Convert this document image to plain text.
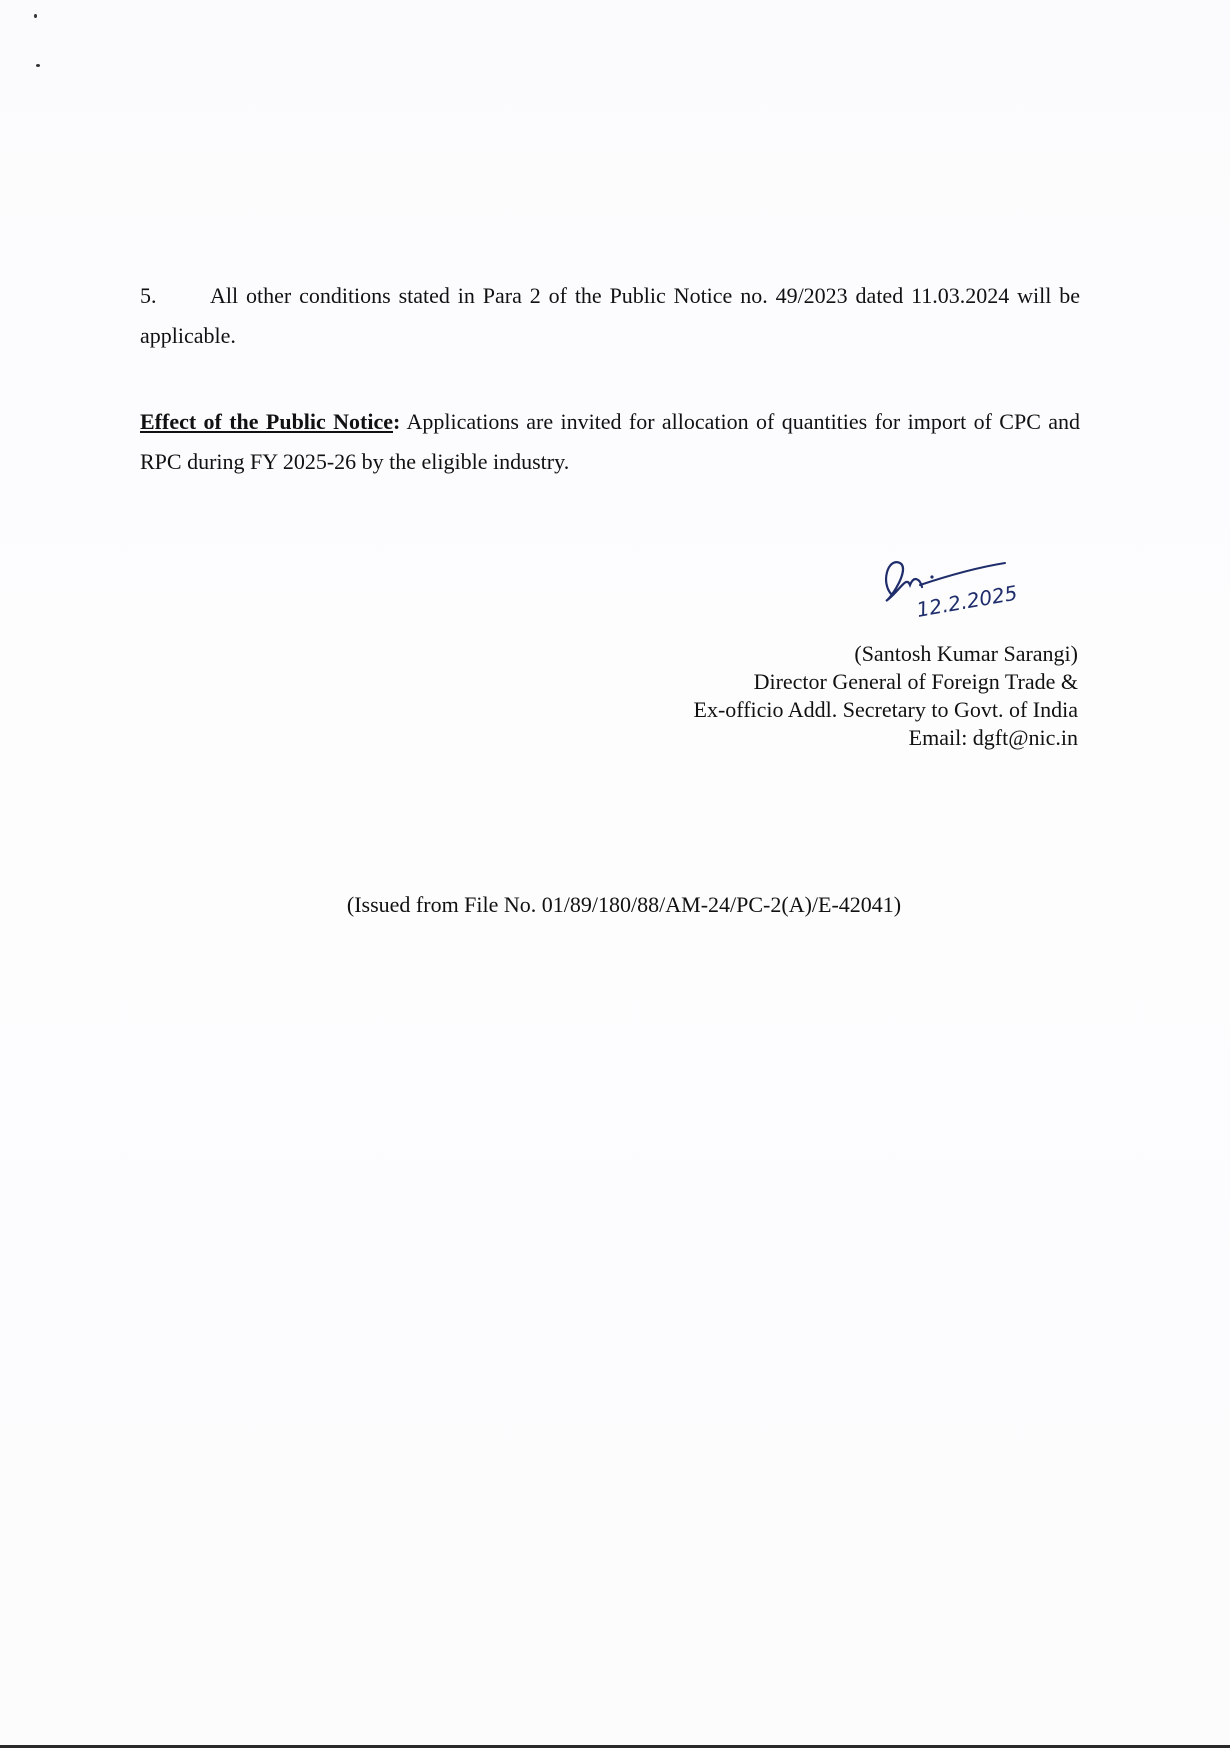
5. All other conditions stated in Para 2 of the Public Notice no. 49/2023 dated 11.03.2024 will be applicable.

Effect of the Public Notice: Applications are invited for allocation of quantities for import of CPC and RPC during FY 2025-26 by the eligible industry.

12.2.2025
(Santosh Kumar Sarangi)
Director General of Foreign Trade &
Ex-officio Addl. Secretary to Govt. of India
Email: dgft@nic.in
(Issued from File No. 01/89/180/88/AM-24/PC-2(A)/E-42041)
